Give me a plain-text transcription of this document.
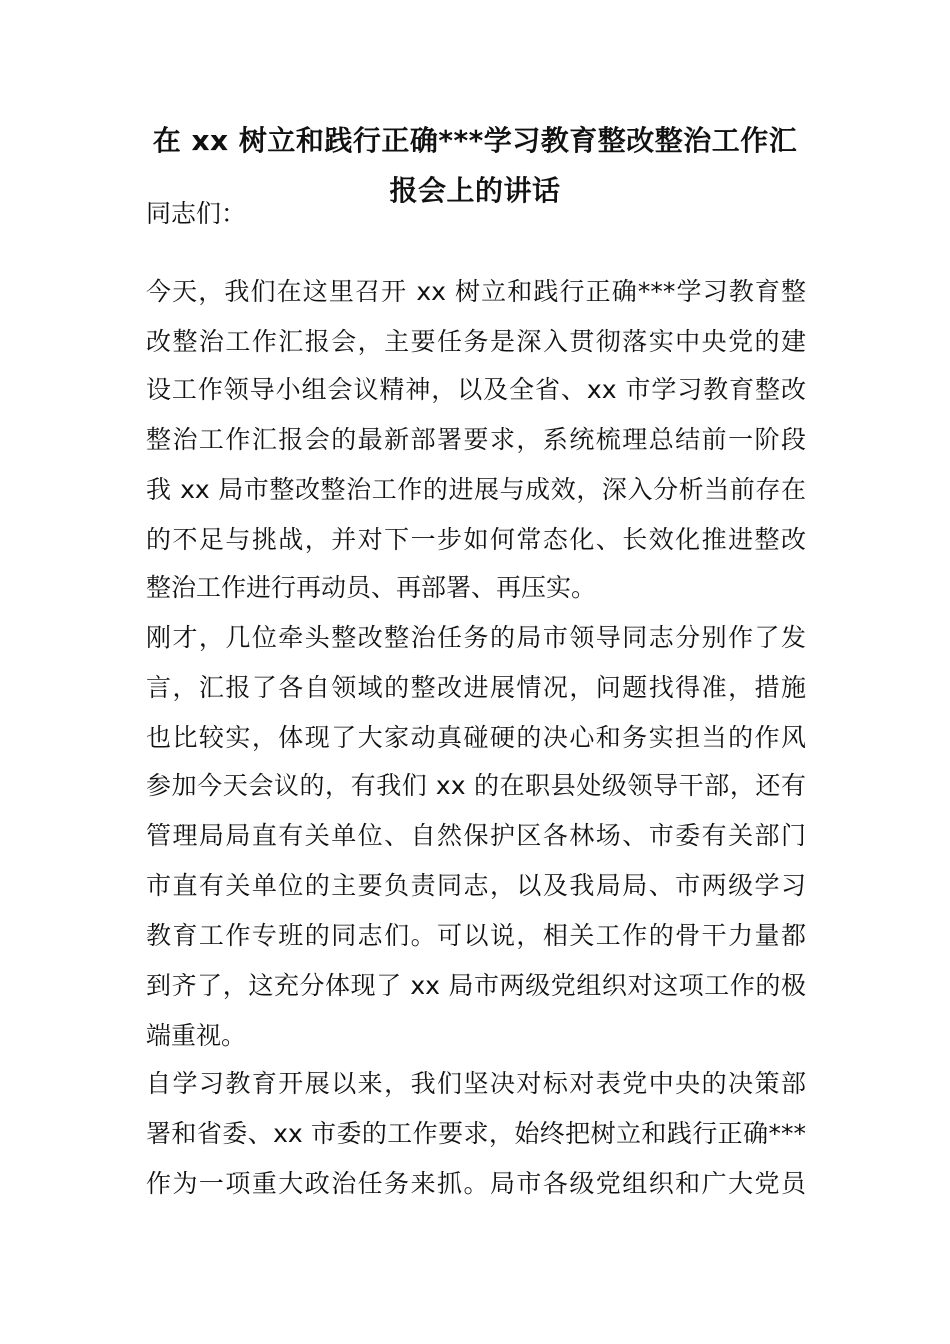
在 xx 树立和践行正确***学习教育整改整治工作汇
报会上的讲话
同志们：
今天，我们在这里召开 xx 树立和践行正确***学习教育整
改整治工作汇报会，主要任务是深入贯彻落实中央党的建
设工作领导小组会议精神，以及全省、xx 市学习教育整改
整治工作汇报会的最新部署要求，系统梳理总结前一阶段
我 xx 局市整改整治工作的进展与成效，深入分析当前存在
的不足与挑战，并对下一步如何常态化、长效化推进整改
整治工作进行再动员、再部署、再压实。
刚才，几位牵头整改整治任务的局市领导同志分别作了发
言，汇报了各自领域的整改进展情况，问题找得准，措施
也比较实，体现了大家动真碰硬的决心和务实担当的作风
参加今天会议的，有我们 xx 的在职县处级领导干部，还有
管理局局直有关单位、自然保护区各林场、市委有关部门
市直有关单位的主要负责同志，以及我局局、市两级学习
教育工作专班的同志们。可以说，相关工作的骨干力量都
到齐了，这充分体现了 xx 局市两级党组织对这项工作的极
端重视。
自学习教育开展以来，我们坚决对标对表党中央的决策部
署和省委、xx 市委的工作要求，始终把树立和践行正确***
作为一项重大政治任务来抓。局市各级党组织和广大党员
